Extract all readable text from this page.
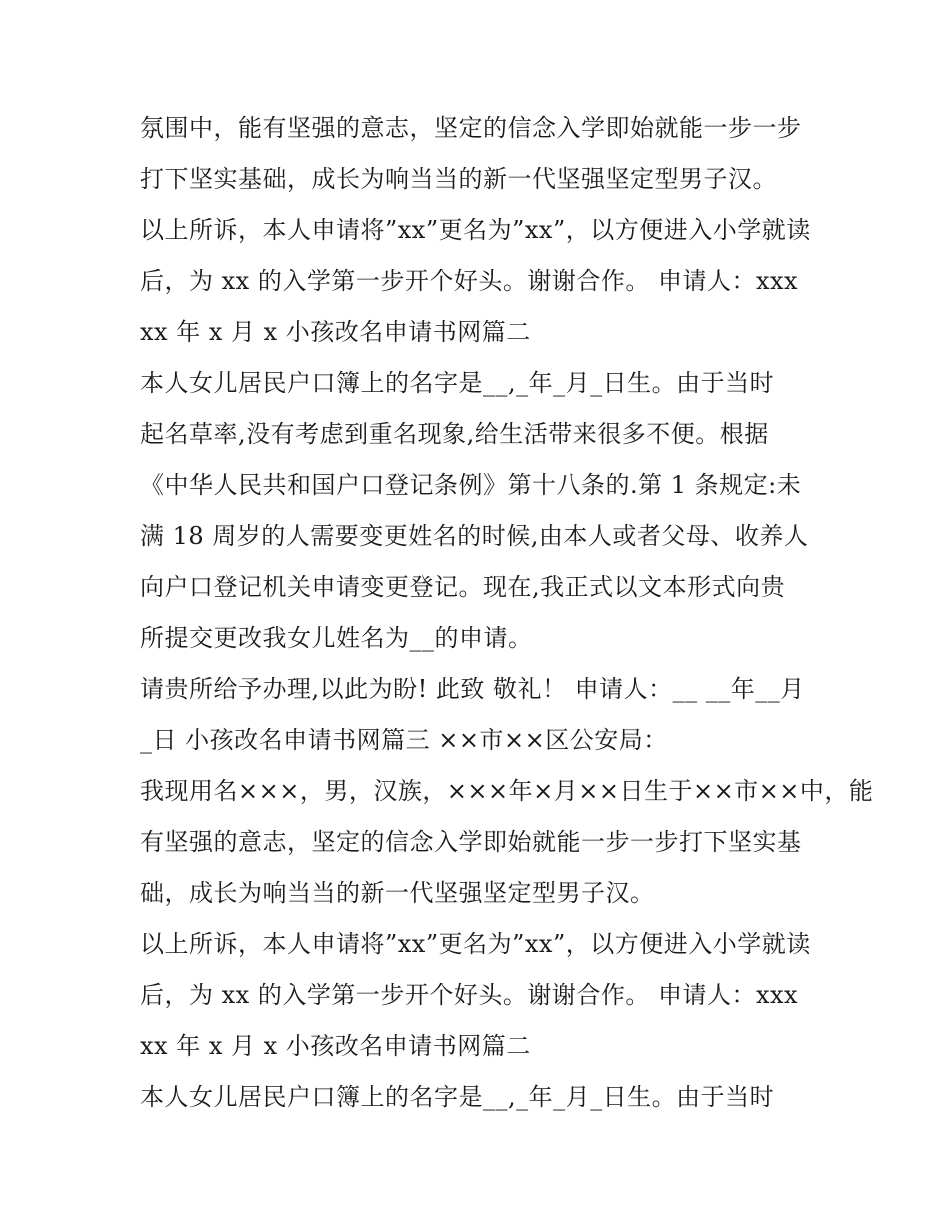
氛围中，能有坚强的意志，坚定的信念入学即始就能一步一步
打下坚实基础，成长为响当当的新一代坚强坚定型男子汉。
以上所诉，本人申请将”xx”更名为”xx”，以方便进入小学就读
后，为 xx 的入学第一步开个好头。谢谢合作。 申请人：xxx
xx 年 x 月 x 小孩改名申请书网篇二
本人女儿居民户口簿上的名字是__,_年_月_日生。由于当时
起名草率,没有考虑到重名现象,给生活带来很多不便。根据
《中华人民共和国户口登记条例》第十八条的.第 1 条规定:未
满 18 周岁的人需要变更姓名的时候,由本人或者父母、收养人
向户口登记机关申请变更登记。现在,我正式以文本形式向贵
所提交更改我女儿姓名为__的申请。
请贵所给予办理,以此为盼! 此致 敬礼！ 申请人：__ __年__月
_日 小孩改名申请书网篇三 ××市××区公安局：
我现用名×××，男，汉族，×××年×月××日生于××市××中，能
有坚强的意志，坚定的信念入学即始就能一步一步打下坚实基
础，成长为响当当的新一代坚强坚定型男子汉。
以上所诉，本人申请将”xx”更名为”xx”，以方便进入小学就读
后，为 xx 的入学第一步开个好头。谢谢合作。 申请人：xxx
xx 年 x 月 x 小孩改名申请书网篇二
本人女儿居民户口簿上的名字是__,_年_月_日生。由于当时
